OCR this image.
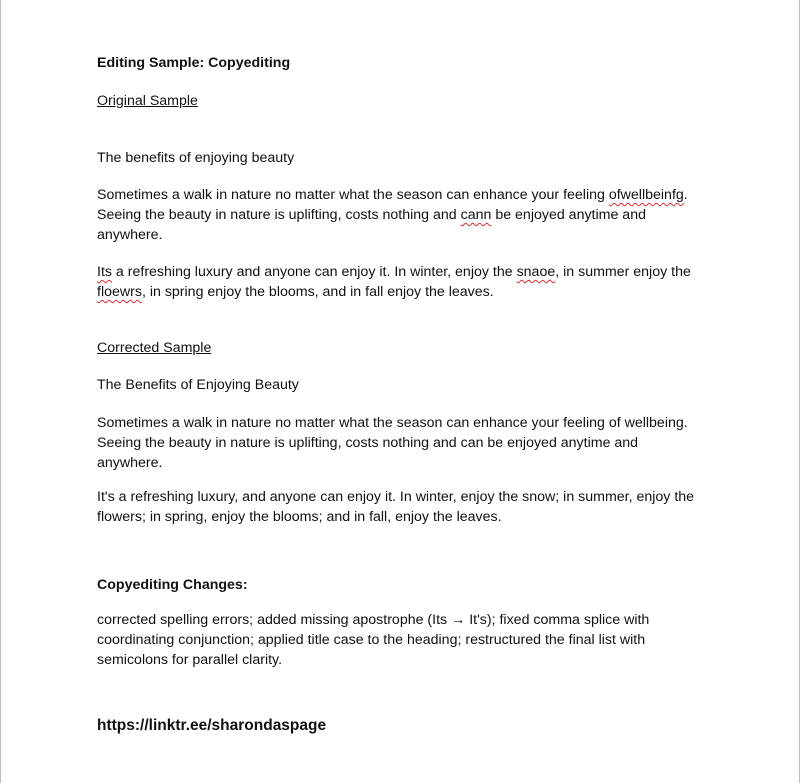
Editing Sample: Copyediting

Original Sample

The benefits of enjoying beauty

Sometimes a walk in nature no matter what the season can enhance your feeling ofwellbeinfg. Seeing the beauty in nature is uplifting, costs nothing and cann be enjoyed anytime and anywhere.

Its a refreshing luxury and anyone can enjoy it. In winter, enjoy the snaoe, in summer enjoy the floewrs, in spring enjoy the blooms, and in fall enjoy the leaves.

Corrected Sample

The Benefits of Enjoying Beauty

Sometimes a walk in nature no matter what the season can enhance your feeling of wellbeing. Seeing the beauty in nature is uplifting, costs nothing and can be enjoyed anytime and anywhere.

It's a refreshing luxury, and anyone can enjoy it. In winter, enjoy the snow; in summer, enjoy the flowers; in spring, enjoy the blooms; and in fall, enjoy the leaves.

Copyediting Changes:

corrected spelling errors; added missing apostrophe (Its → It's); fixed comma splice with coordinating conjunction; applied title case to the heading; restructured the final list with semicolons for parallel clarity.

https://linktr.ee/sharondaspage
